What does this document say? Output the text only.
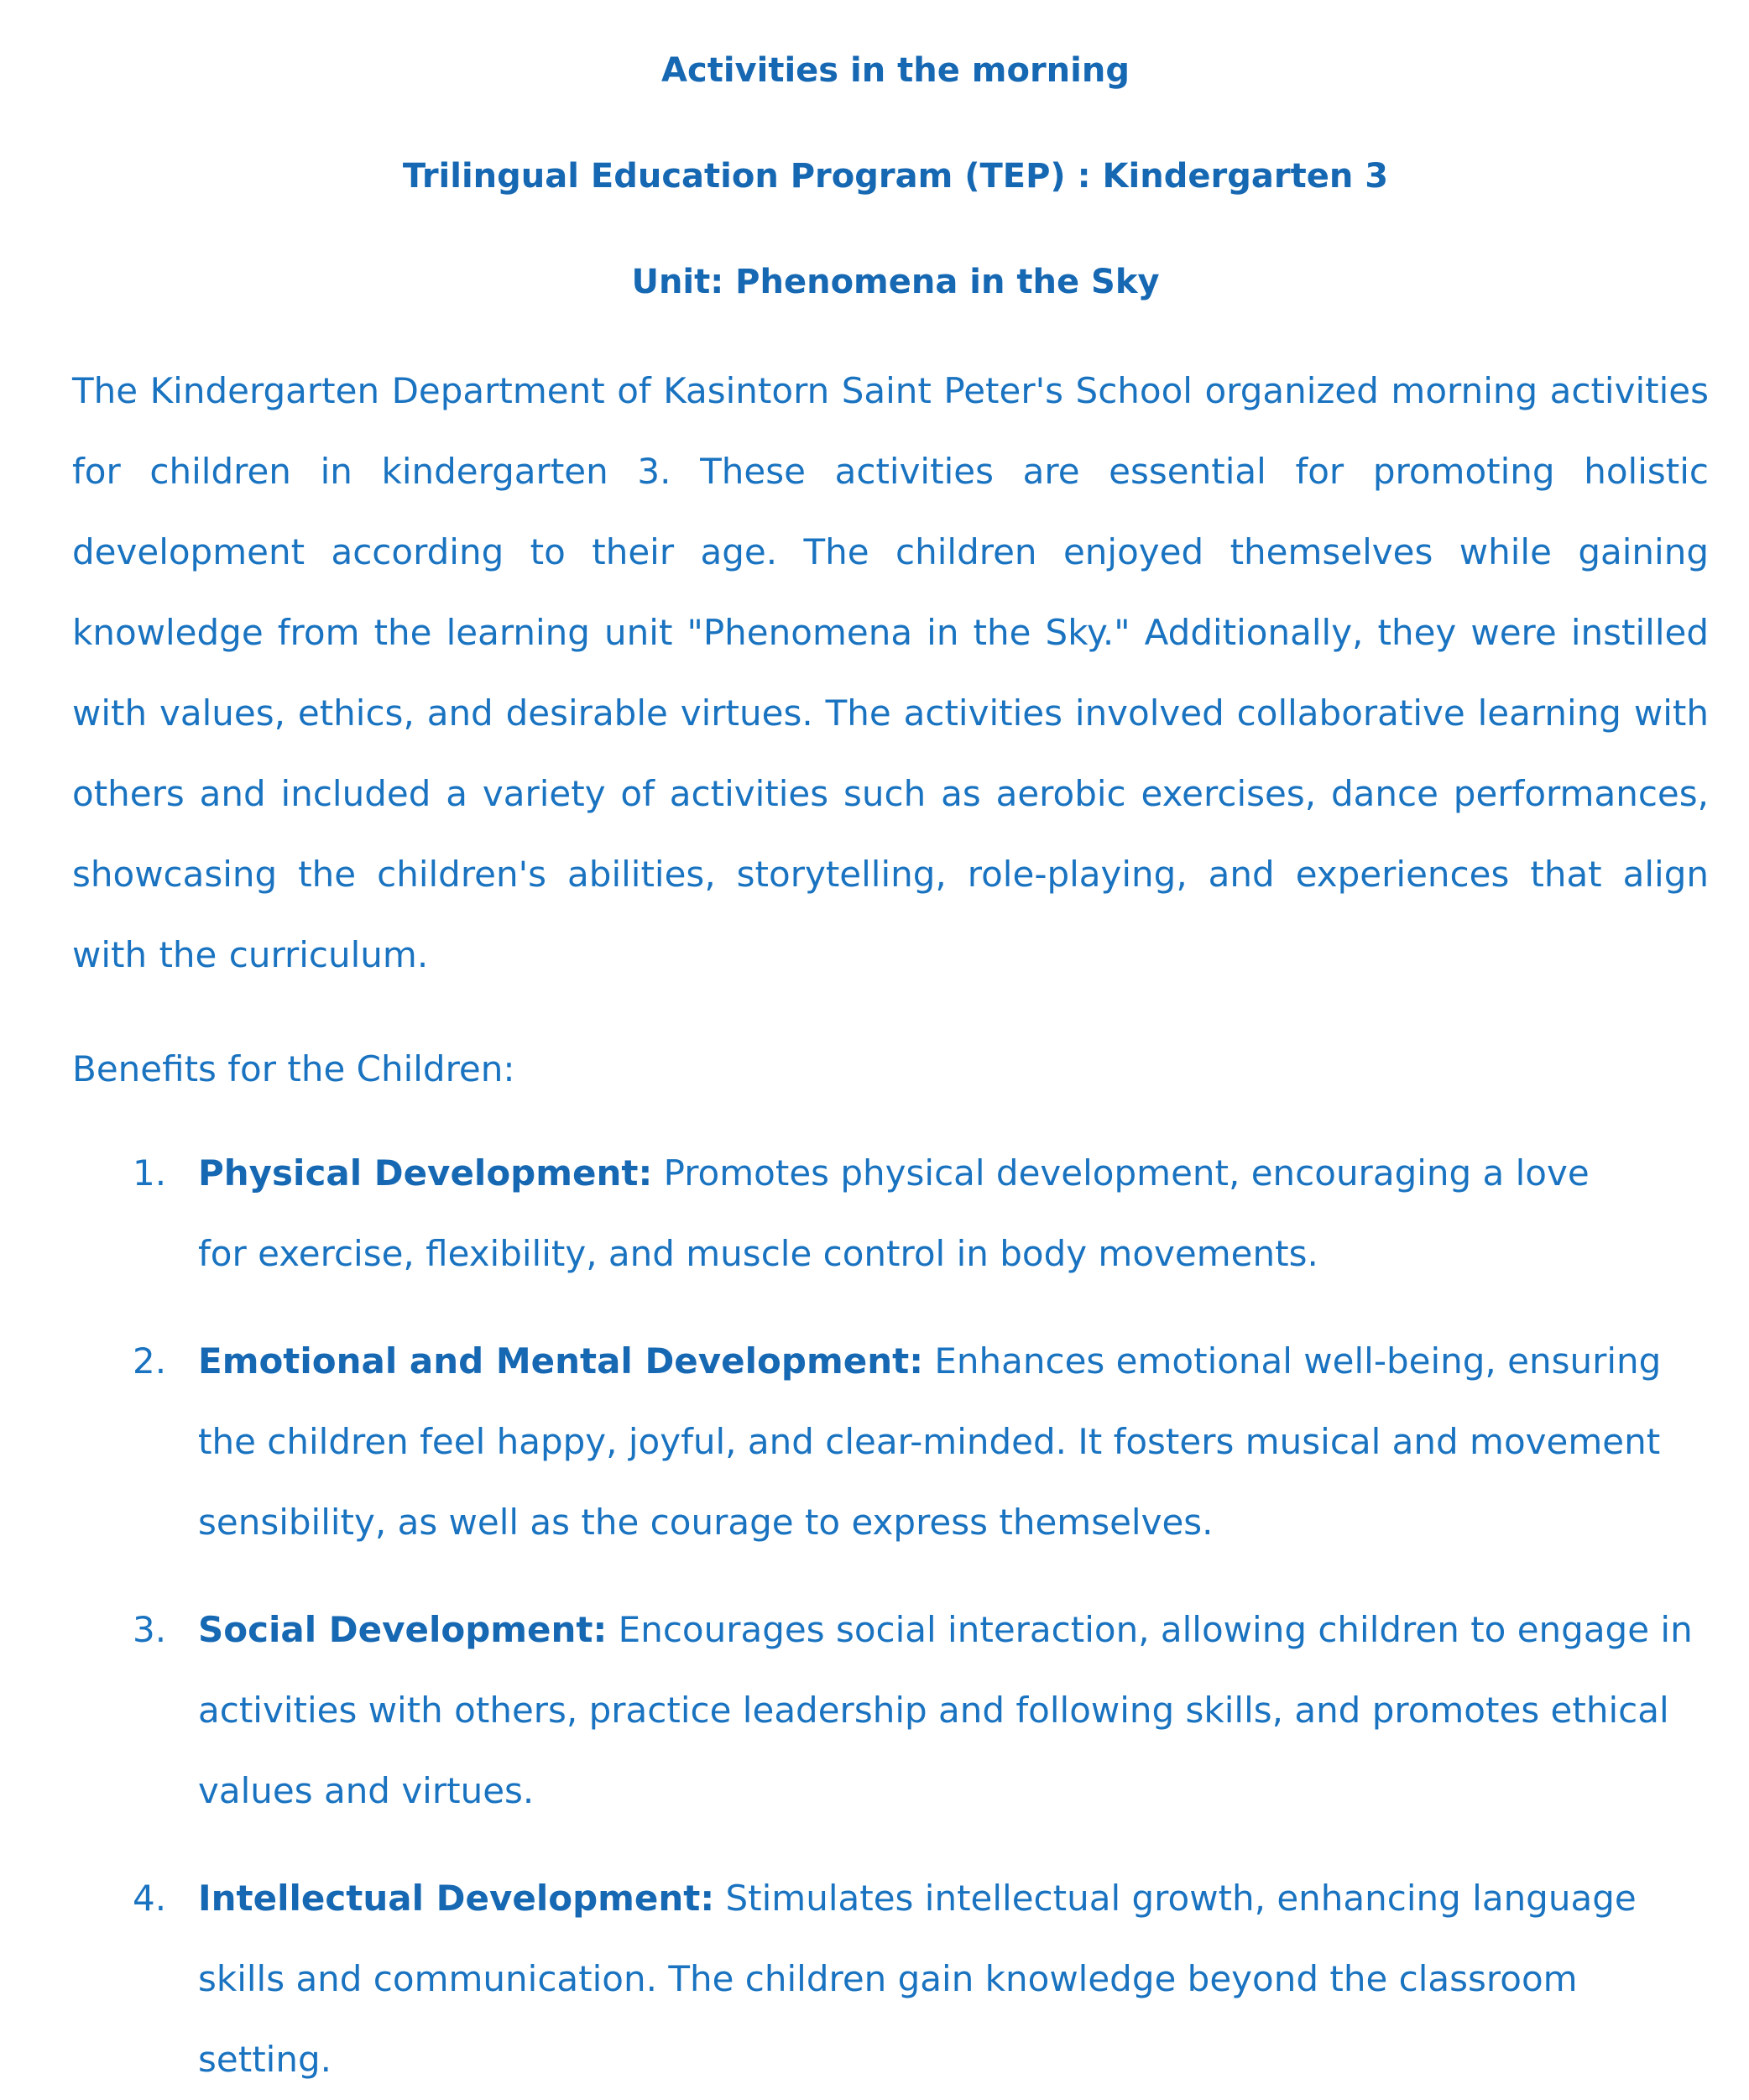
Activities in the morning

Trilingual Education Program (TEP) : Kindergarten 3

Unit: Phenomena in the Sky

The Kindergarten Department of Kasintorn Saint Peter's School organized morning activities for children in kindergarten 3. These activities are essential for promoting holistic development according to their age. The children enjoyed themselves while gaining knowledge from the learning unit "Phenomena in the Sky." Additionally, they were instilled with values, ethics, and desirable virtues. The activities involved collaborative learning with others and included a variety of activities such as aerobic exercises, dance performances, showcasing the children's abilities, storytelling, role-playing, and experiences that align with the curriculum.

Benefits for the Children:

1. Physical Development: Promotes physical development, encouraging a love for exercise, flexibility, and muscle control in body movements.
2. Emotional and Mental Development: Enhances emotional well-being, ensuring the children feel happy, joyful, and clear-minded. It fosters musical and movement sensibility, as well as the courage to express themselves.
3. Social Development: Encourages social interaction, allowing children to engage in activities with others, practice leadership and following skills, and promotes ethical values and virtues.
4. Intellectual Development: Stimulates intellectual growth, enhancing language skills and communication. The children gain knowledge beyond the classroom setting.
